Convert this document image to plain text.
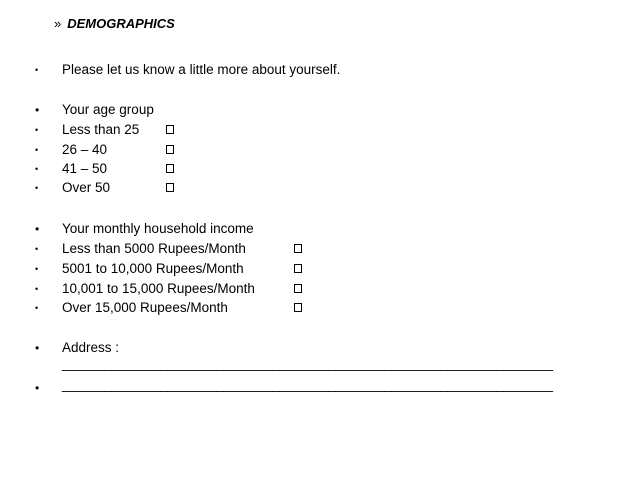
» DEMOGRAPHICS
• Please let us know a little more about yourself.
• Your age group
• Less than 25
• 26 – 40
• 41 – 50
• Over 50
• Your monthly household income
• Less than 5000 Rupees/Month
• 5001 to 10,000 Rupees/Month
• 10,001 to 15,000 Rupees/Month
• Over 15,000 Rupees/Month
• Address :
______________________________________________________________________
• ______________________________________________________________________
